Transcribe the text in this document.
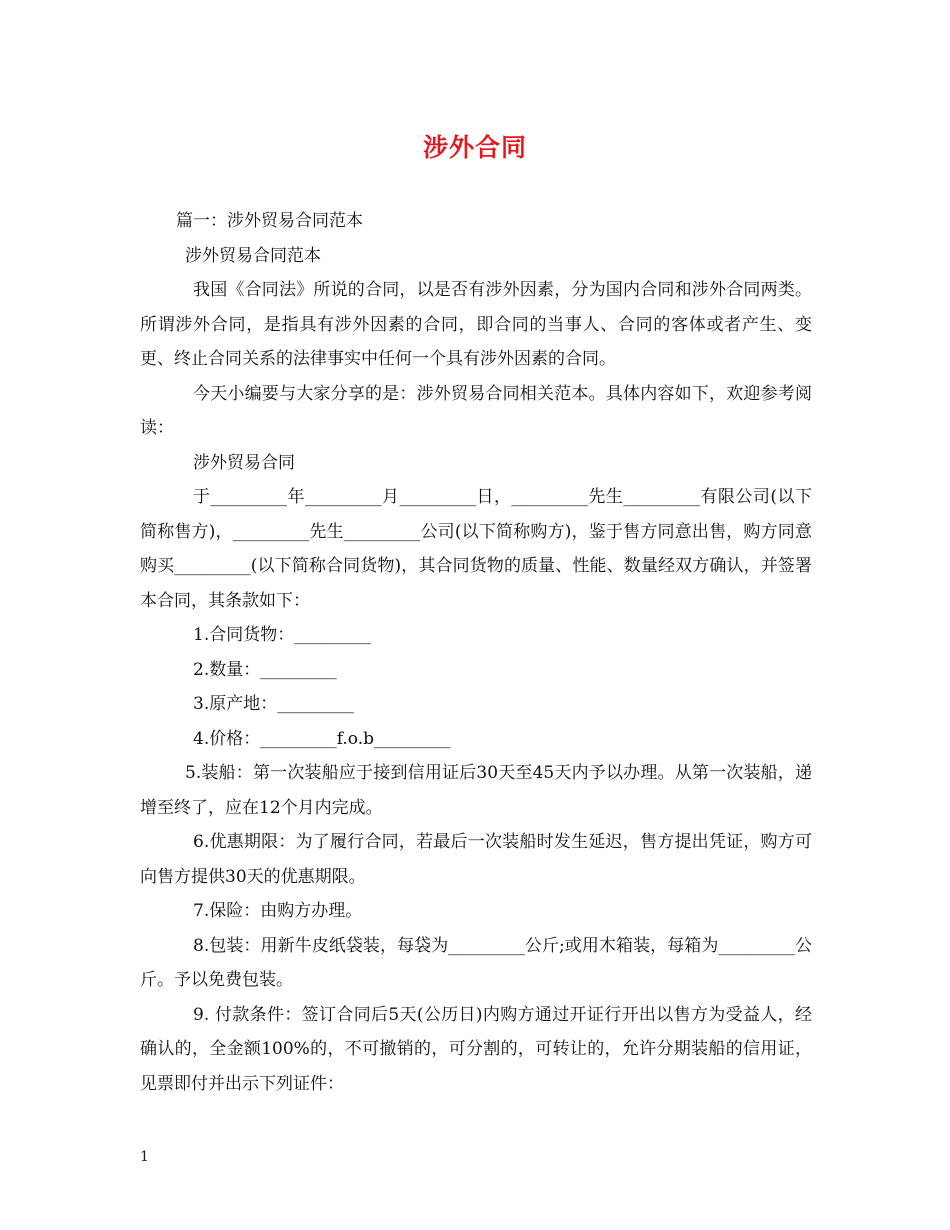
涉外合同

篇一：涉外贸易合同范本

涉外贸易合同范本

我国《合同法》所说的合同，以是否有涉外因素，分为国内合同和涉外合同两类。所谓涉外合同，是指具有涉外因素的合同，即合同的当事人、合同的客体或者产生、变更、终止合同关系的法律事实中任何一个具有涉外因素的合同。

今天小编要与大家分享的是：涉外贸易合同相关范本。具体内容如下，欢迎参考阅读：

涉外贸易合同

于_________年_________月_________日，_________先生_________有限公司(以下简称售方)，_________先生_________公司(以下简称购方)，鉴于售方同意出售，购方同意购买_________(以下简称合同货物)，其合同货物的质量、性能、数量经双方确认，并签署本合同，其条款如下：

1.合同货物：_________

2.数量：_________

3.原产地：_________

4.价格：_________f.o.b_________

5.装船：第一次装船应于接到信用证后30天至45天内予以办理。从第一次装船，递增至终了，应在12个月内完成。

6.优惠期限：为了履行合同，若最后一次装船时发生延迟，售方提出凭证，购方可向售方提供30天的优惠期限。

7.保险：由购方办理。

8.包装：用新牛皮纸袋装，每袋为_________公斤;或用木箱装，每箱为_________公斤。予以免费包装。

9. 付款条件：签订合同后5天(公历日)内购方通过开证行开出以售方为受益人，经确认的，全金额100%的，不可撤销的，可分割的，可转让的，允许分期装船的信用证，见票即付并出示下列证件：

1
